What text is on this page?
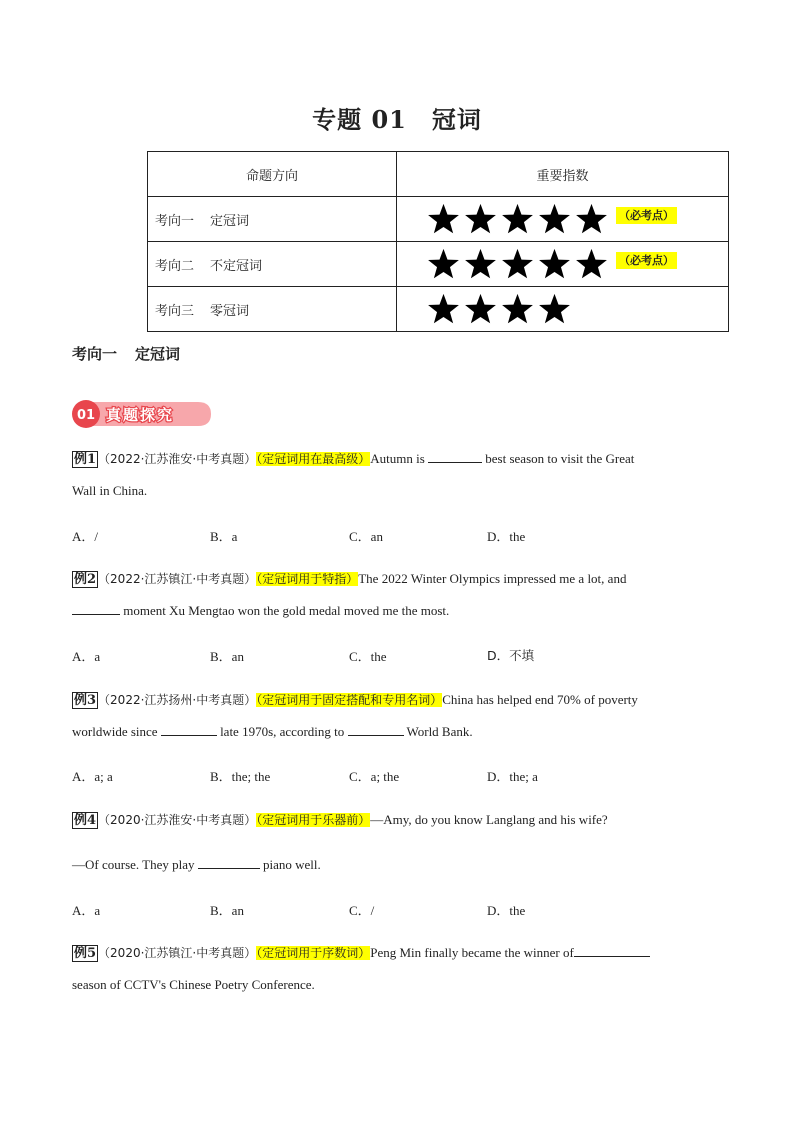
专题 01　冠词
命题方向	重要指数
考向一 定冠词	（必考点）
考向二 不定冠词	（必考点）
考向三 零冠词	
考向一 定冠词
01 真题探究
例1 （2022·江苏淮安·中考真题）（定冠词用在最高级）Autumn is	best season to visit the Great
Wall in China.
A．/	B．a	C．an	D．the
例2 （2022·江苏镇江·中考真题）（定冠词用于特指）The 2022 Winter Olympics impressed me a lot, and
moment Xu Mengtao won the gold medal moved me the most.
A．a	B．an	C．the	D．不填
例3 （2022·江苏扬州·中考真题）（定冠词用于固定搭配和专用名词）China has helped end 70% of poverty
worldwide since	late 1970s, according to	World Bank.
A．a; a	B．the; the	C．a; the	D．the; a
例4 （2020·江苏淮安·中考真题）（定冠词用于乐器前）—Amy, do you know Langlang and his wife?
—Of course. They play	piano well.
A．a	B．an	C．/	D．the
例5 （2020·江苏镇江·中考真题）（定冠词用于序数词）Peng Min finally became the winner of
season of CCTV's Chinese Poetry Conference.
